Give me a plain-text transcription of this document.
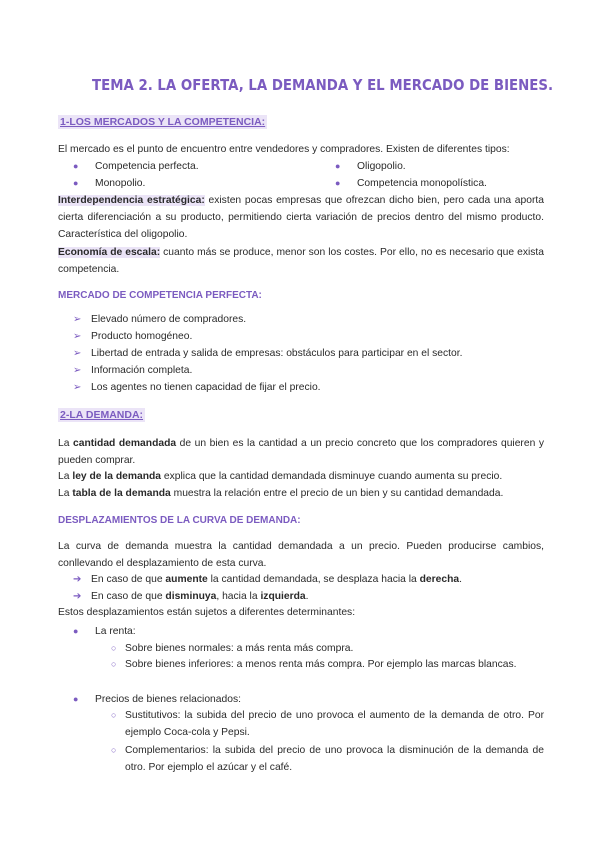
TEMA 2. LA OFERTA, LA DEMANDA Y EL MERCADO DE BIENES.
1-LOS MERCADOS Y LA COMPETENCIA:
El mercado es el punto de encuentro entre vendedores y compradores. Existen de diferentes tipos:
● Competencia perfecta.	● Oligopolio.
● Monopolio.	● Competencia monopolística.
Interdependencia estratégica: existen pocas empresas que ofrezcan dicho bien, pero cada una aporta cierta diferenciación a su producto, permitiendo cierta variación de precios dentro del mismo producto. Característica del oligopolio.
Economía de escala: cuanto más se produce, menor son los costes. Por ello, no es necesario que exista competencia.
MERCADO DE COMPETENCIA PERFECTA:
➢ Elevado número de compradores.
➢ Producto homogéneo.
➢ Libertad de entrada y salida de empresas: obstáculos para participar en el sector.
➢ Información completa.
➢ Los agentes no tienen capacidad de fijar el precio.
2-LA DEMANDA:
La cantidad demandada de un bien es la cantidad a un precio concreto que los compradores quieren y pueden comprar.
La ley de la demanda explica que la cantidad demandada disminuye cuando aumenta su precio.
La tabla de la demanda muestra la relación entre el precio de un bien y su cantidad demandada.
DESPLAZAMIENTOS DE LA CURVA DE DEMANDA:
La curva de demanda muestra la cantidad demandada a un precio. Pueden producirse cambios, conllevando el desplazamiento de esta curva.
➔ En caso de que aumente la cantidad demandada, se desplaza hacia la derecha.
➔ En caso de que disminuya, hacia la izquierda.
Estos desplazamientos están sujetos a diferentes determinantes:
● La renta:
○ Sobre bienes normales: a más renta más compra.
○ Sobre bienes inferiores: a menos renta más compra. Por ejemplo las marcas blancas.
● Precios de bienes relacionados:
○ Sustitutivos: la subida del precio de uno provoca el aumento de la demanda de otro. Por ejemplo Coca-cola y Pepsi.
○ Complementarios: la subida del precio de uno provoca la disminución de la demanda de otro. Por ejemplo el azúcar y el café.
